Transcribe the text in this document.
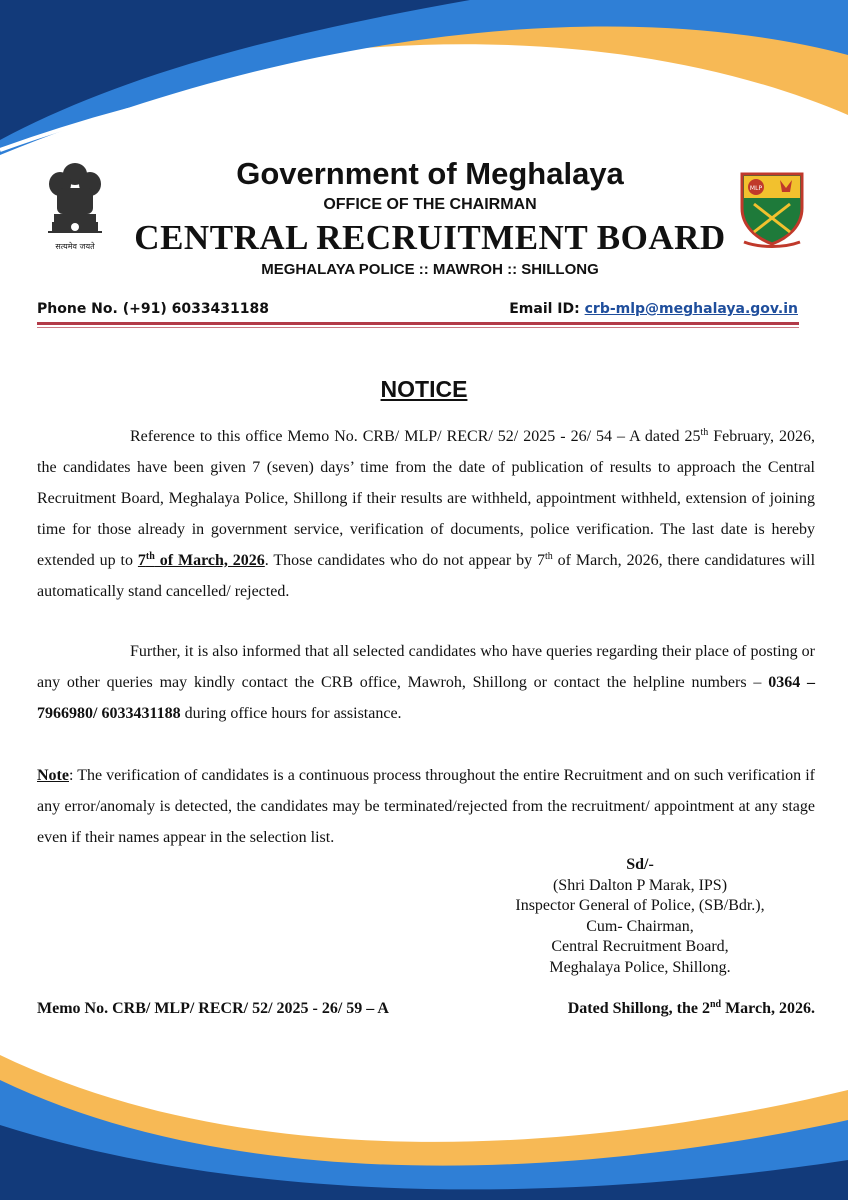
सत्यमेव जयते
MLP
Government of Meghalaya
OFFICE OF THE CHAIRMAN
CENTRAL RECRUITMENT BOARD
MEGHALAYA POLICE :: MAWROH :: SHILLONG
Phone No. (+91) 6033431188	Email ID: crb-mlp@meghalaya.gov.in
NOTICE
Reference to this office Memo No. CRB/ MLP/ RECR/ 52/ 2025 - 26/ 54 – A dated 25th February, 2026, the candidates have been given 7 (seven) days’ time from the date of publication of results to approach the Central Recruitment Board, Meghalaya Police, Shillong if their results are withheld, appointment withheld, extension of joining time for those already in government service, verification of documents, police verification. The last date is hereby extended up to 7th of March, 2026. Those candidates who do not appear by 7th of March, 2026, there candidatures will automatically stand cancelled/ rejected.
Further, it is also informed that all selected candidates who have queries regarding their place of posting or any other queries may kindly contact the CRB office, Mawroh, Shillong or contact the helpline numbers – 0364 – 7966980/ 6033431188 during office hours for assistance.
Note: The verification of candidates is a continuous process throughout the entire Recruitment and on such verification if any error/anomaly is detected, the candidates may be terminated/rejected from the recruitment/ appointment at any stage even if their names appear in the selection list.
Sd/-
(Shri Dalton P Marak, IPS)
Inspector General of Police, (SB/Bdr.),
Cum- Chairman,
Central Recruitment Board,
Meghalaya Police, Shillong.
Memo No. CRB/ MLP/ RECR/ 52/ 2025 - 26/ 59 – A	Dated Shillong, the 2nd March, 2026.
